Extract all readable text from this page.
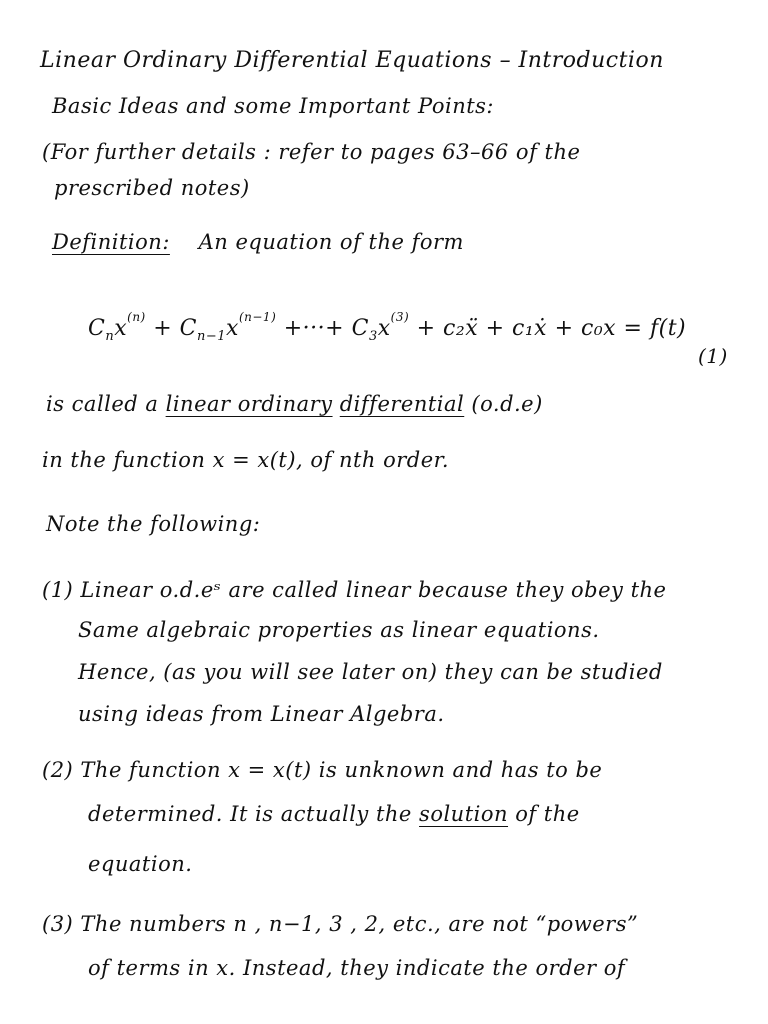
Linear Ordinary Differential Equations – Introduction
Basic Ideas and some Important Points:
(For further details : refer to pages 63–66 of the
prescribed notes)
Definition: An equation of the form
$C_nx^{(n)} + C_{n-1}x^{(n-1)}$ +···+ $C_3x^{(3)}$ + c₂ẍ + c₁ẋ + c₀x = f(t)
(1)
is called a linear ordinary differential (o.d.e)
in the function x = x(t), of nth order.
Note the following:
(1) Linear o.d.eˢ are called linear because they obey the
Same algebraic properties as linear equations.
Hence, (as you will see later on) they can be studied
using ideas from Linear Algebra.
(2) The function x = x(t) is unknown and has to be
determined. It is actually the solution of the
equation.
(3) The numbers n , n−1, 3 , 2, etc., are not “powers”
of terms in x. Instead, they indicate the order of
